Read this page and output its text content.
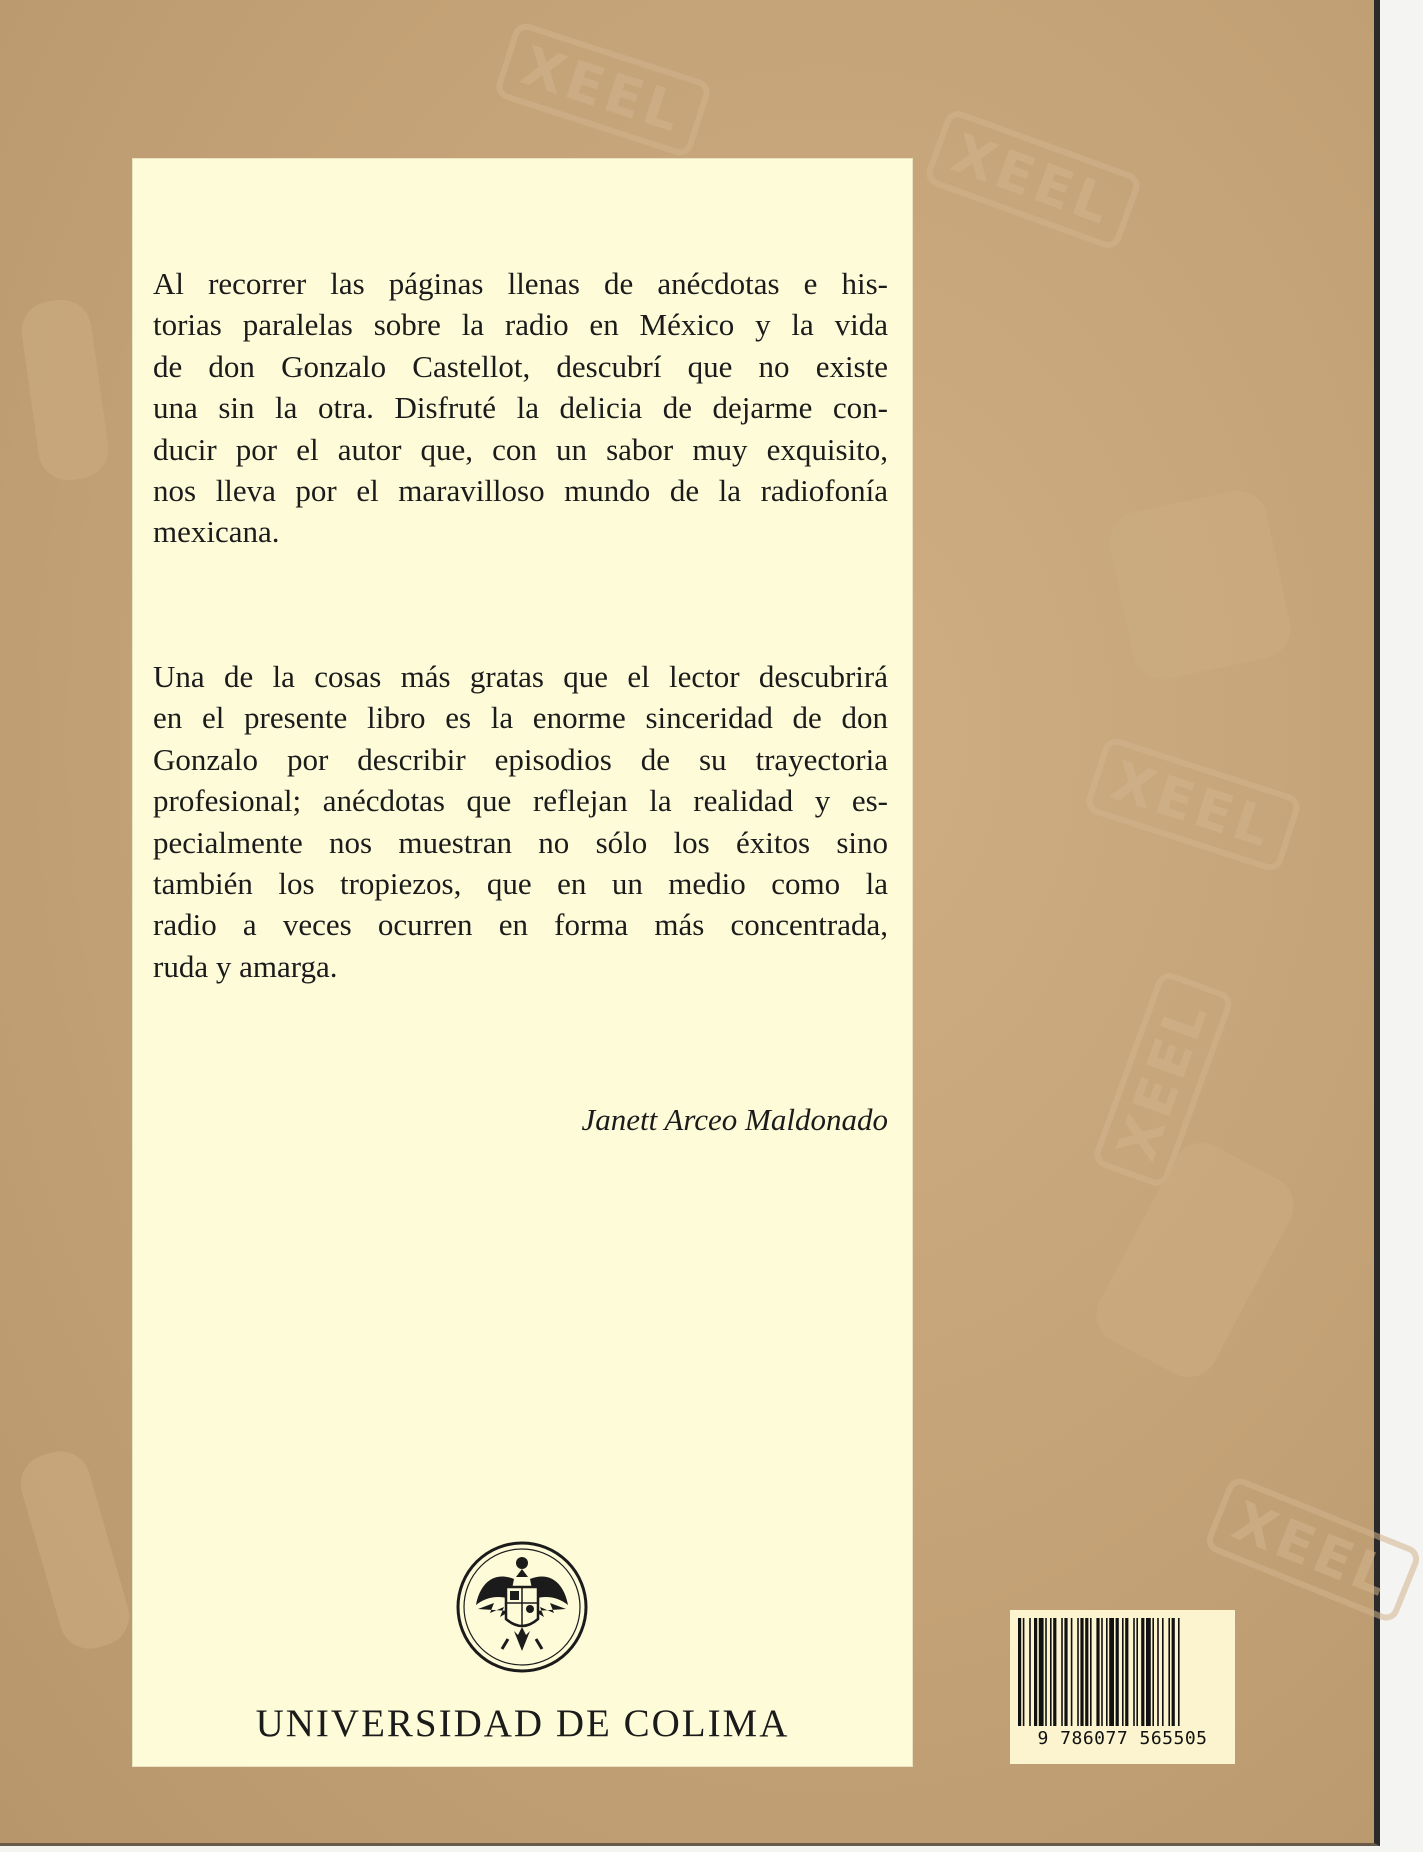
XEEL
XEEL
XEEL
XEEL
XEEL
Al recorrer las páginas llenas de anécdotas e his-
torias paralelas sobre la radio en México y la vida
de don Gonzalo Castellot, descubrí que no existe
una sin la otra. Disfruté la delicia de dejarme con-
ducir por el autor que, con un sabor muy exquisito,
nos lleva por el maravilloso mundo de la radiofonía
mexicana.
Una de la cosas más gratas que el lector descubrirá
en el presente libro es la enorme sinceridad de don
Gonzalo por describir episodios de su trayectoria
profesional; anécdotas que reflejan la realidad y es-
pecialmente nos muestran no sólo los éxitos sino
también los tropiezos, que en un medio como la
radio a veces ocurren en forma más concentrada,
ruda y amarga.
Janett Arceo Maldonado
UNIVERSIDAD DE COLIMA	9 786077 565505
